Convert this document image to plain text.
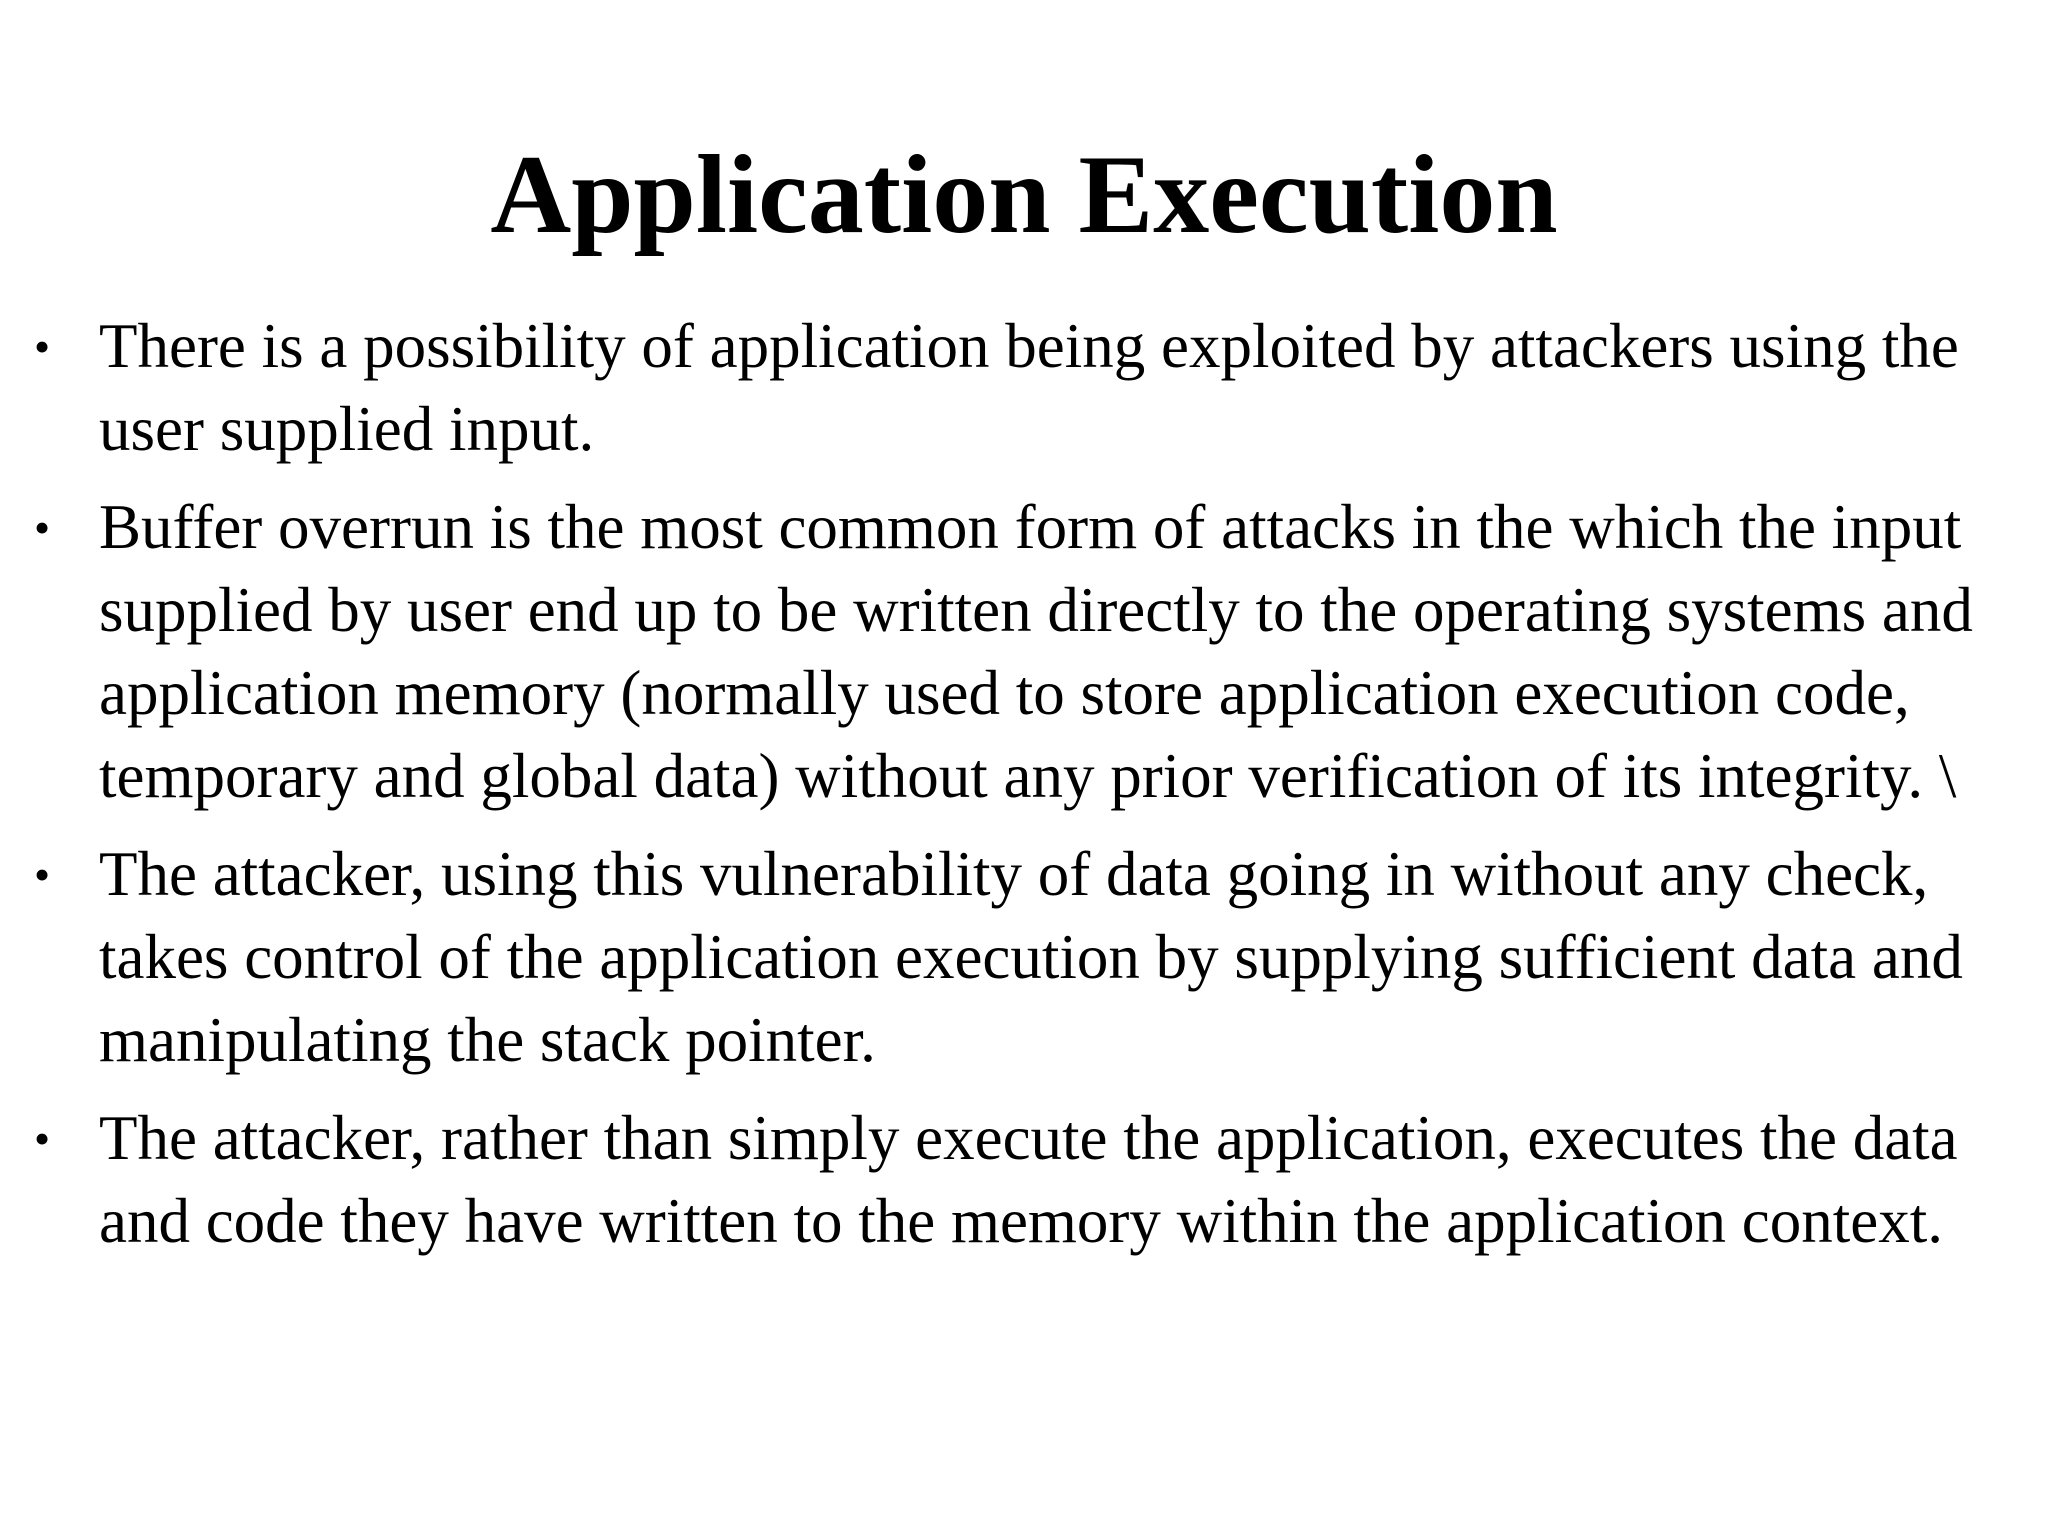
Application Execution
• There is a possibility of application being exploited by attackers using the user supplied input.
• Buffer overrun is the most common form of attacks in the which the input supplied by user end up to be written directly to the operating systems and application memory (normally used to store application execution code, temporary and global data) without any prior verification of its integrity. \
• The attacker, using this vulnerability of data going in without any check, takes control of the application execution by supplying sufficient data and manipulating the stack pointer.
• The attacker, rather than simply execute the application, executes the data and code they have written to the memory within the application context.
